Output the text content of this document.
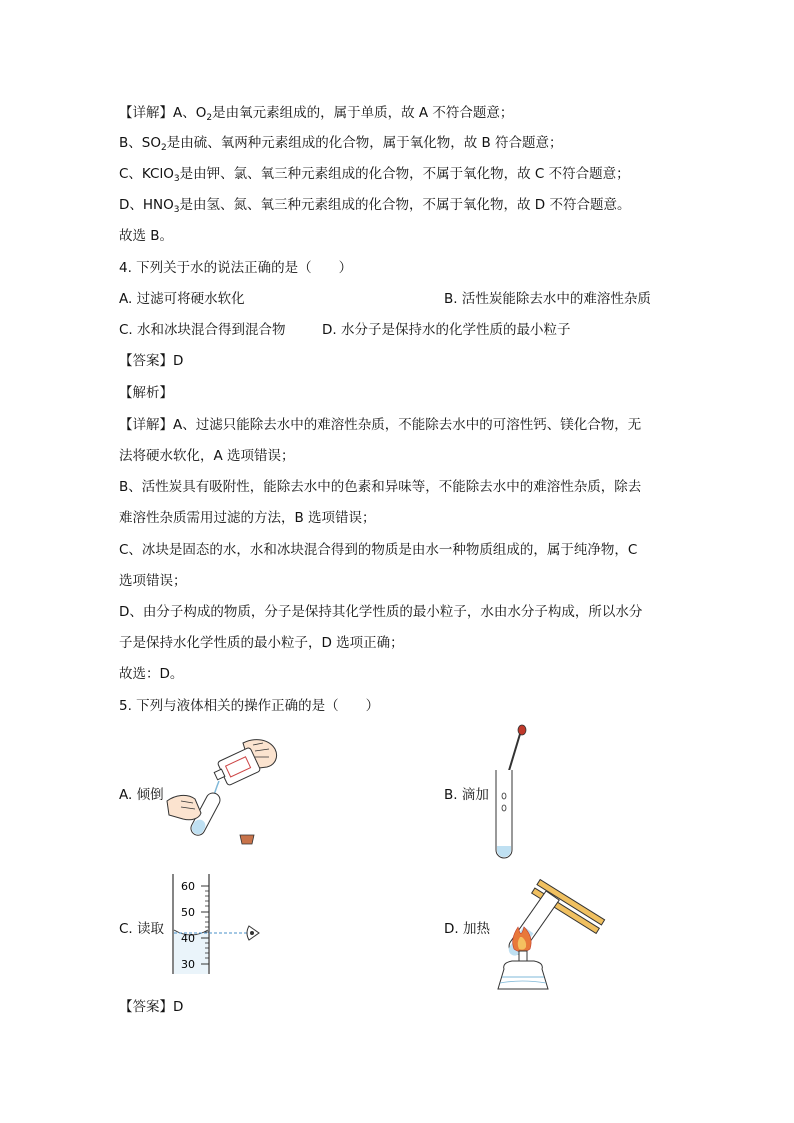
【详解】A、$O_2$是由氧元素组成的，属于单质，故 A 不符合题意；
B、$SO_2$是由硫、氧两种元素组成的化合物，属于氧化物，故 B 符合题意；
C、KClO$_3$是由钾、氯、氧三种元素组成的化合物，不属于氧化物，故 C 不符合题意；
D、$HNO_3$是由氢、氮、氧三种元素组成的化合物，不属于氧化物，故 D 不符合题意。
故选 B。
4. 下列关于水的说法正确的是（　　）
A. 过滤可将硬水软化	B. 活性炭能除去水中的难溶性杂质
C. 水和冰块混合得到混合物	D. 水分子是保持水的化学性质的最小粒子
【答案】D
【解析】
【详解】A、过滤只能除去水中的难溶性杂质，不能除去水中的可溶性钙、镁化合物，无
法将硬水软化，A 选项错误；
B、活性炭具有吸附性，能除去水中的色素和异味等，不能除去水中的难溶性杂质，除去
难溶性杂质需用过滤的方法，B 选项错误；
C、冰块是固态的水，水和冰块混合得到的物质是由水一种物质组成的，属于纯净物，C
选项错误；
D、由分子构成的物质，分子是保持其化学性质的最小粒子，水由水分子构成，所以水分
子是保持水化学性质的最小粒子，D 选项正确；
故选：D。
5. 下列与液体相关的操作正确的是（　　）
A. 倾倒	B. 滴加
C. 读取
60
50
40
30
D. 加热
【答案】D
